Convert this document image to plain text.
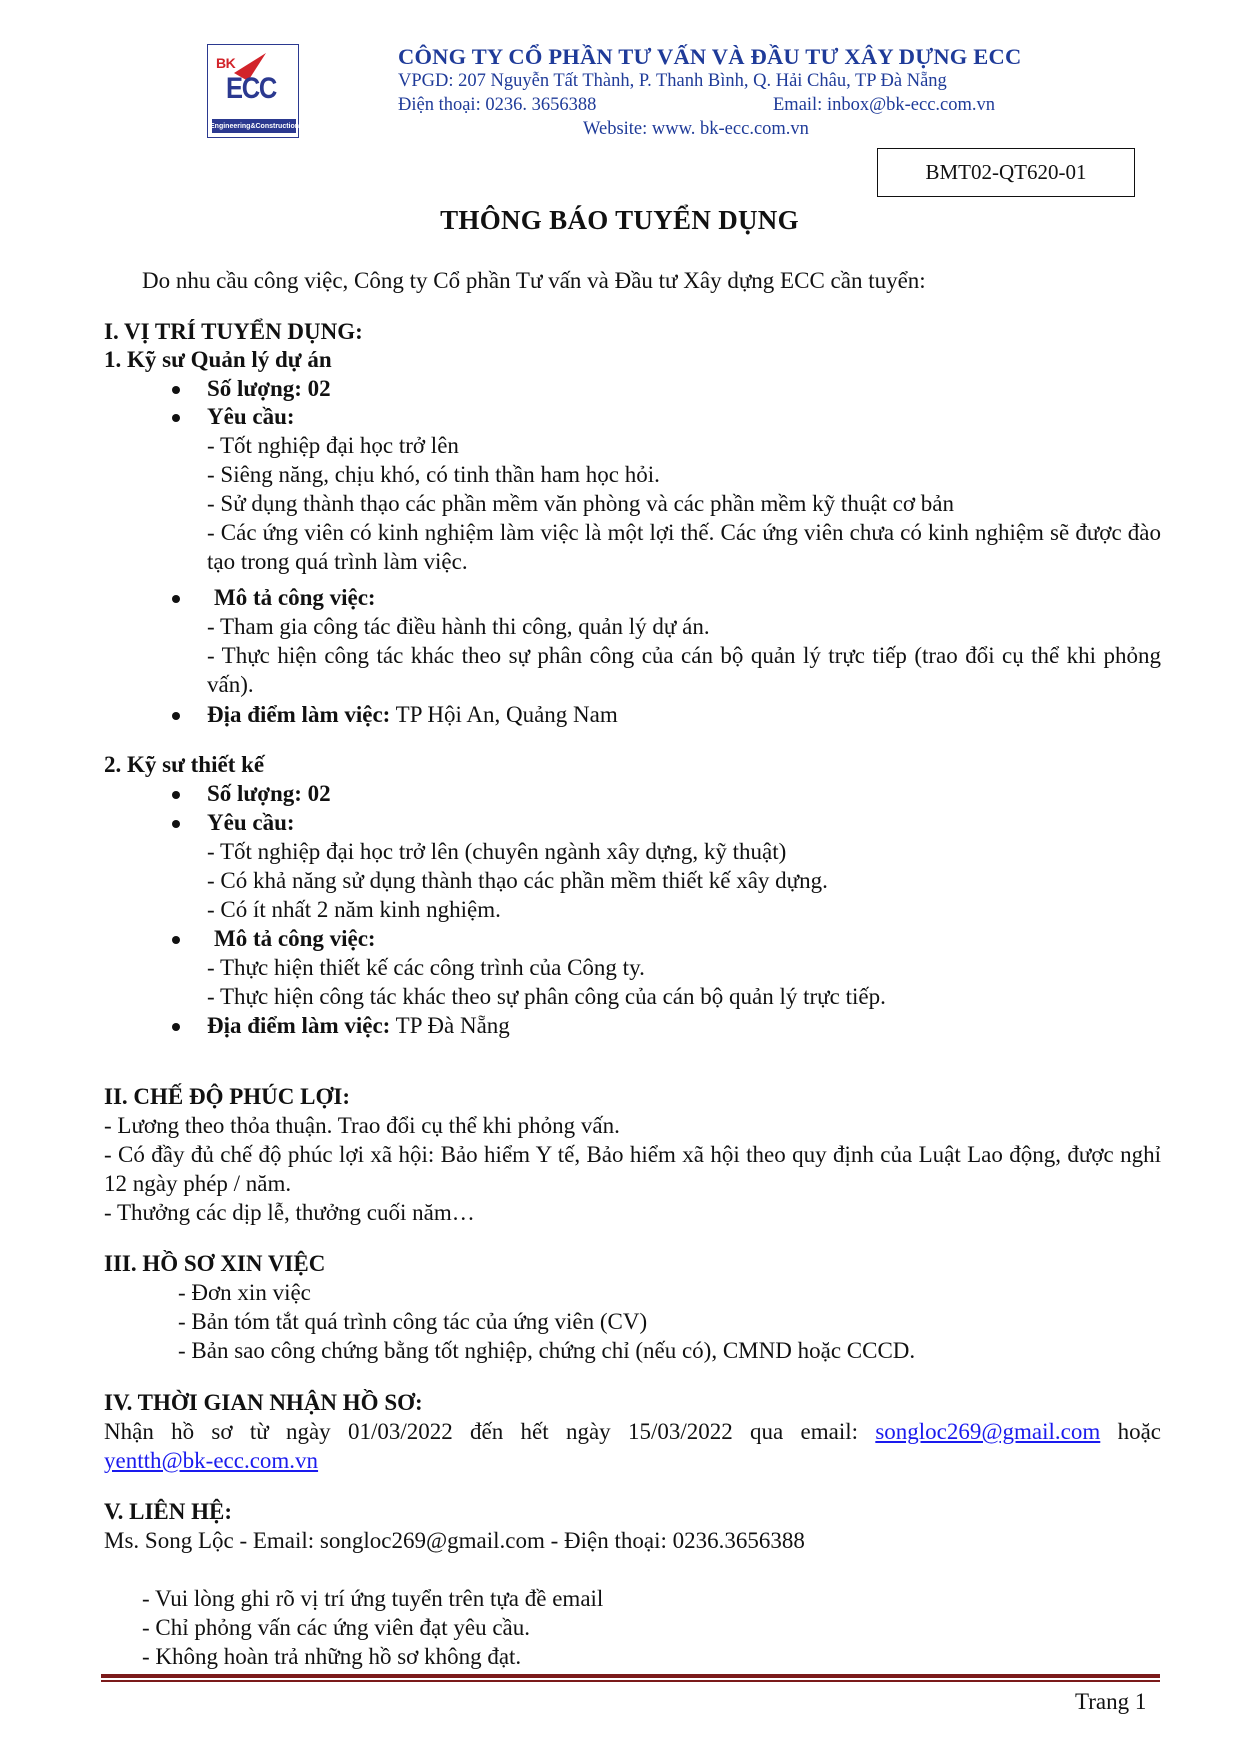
BK
ECC
Engineering&Construction
CÔNG TY CỔ PHẦN TƯ VẤN VÀ ĐẦU TƯ XÂY DỰNG ECC
VPGD: 207 Nguyễn Tất Thành, P. Thanh Bình, Q. Hải Châu, TP Đà Nẵng
Điện thoại: 0236. 3656388	Email: inbox@bk-ecc.com.vn
Website: www. bk-ecc.com.vn
BMT02-QT620-01
THÔNG BÁO TUYỂN DỤNG
Do nhu cầu công việc, Công ty Cổ phần Tư vấn và Đầu tư Xây dựng ECC cần tuyển:
I. VỊ TRÍ TUYỂN DỤNG:
1. Kỹ sư Quản lý dự án
Số lượng: 02
Yêu cầu:
- Tốt nghiệp đại học trở lên
- Siêng năng, chịu khó, có tinh thần ham học hỏi.
- Sử dụng thành thạo các phần mềm văn phòng và các phần mềm kỹ thuật cơ bản
- Các ứng viên có kinh nghiệm làm việc là một lợi thế. Các ứng viên chưa có kinh nghiệm sẽ được đào tạo trong quá trình làm việc.
Mô tả công việc:
- Tham gia công tác điều hành thi công, quản lý dự án.
- Thực hiện công tác khác theo sự phân công của cán bộ quản lý trực tiếp (trao đổi cụ thể khi phỏng vấn).
Địa điểm làm việc: TP Hội An, Quảng Nam
2. Kỹ sư thiết kế
Số lượng: 02
Yêu cầu:
- Tốt nghiệp đại học trở lên (chuyên ngành xây dựng, kỹ thuật)
- Có khả năng sử dụng thành thạo các phần mềm thiết kế xây dựng.
- Có ít nhất 2 năm kinh nghiệm.
Mô tả công việc:
- Thực hiện thiết kế các công trình của Công ty.
- Thực hiện công tác khác theo sự phân công của cán bộ quản lý trực tiếp.
Địa điểm làm việc: TP Đà Nẵng
II. CHẾ ĐỘ PHÚC LỢI:
- Lương theo thỏa thuận. Trao đổi cụ thể khi phỏng vấn.
- Có đầy đủ chế độ phúc lợi xã hội: Bảo hiểm Y tế, Bảo hiểm xã hội theo quy định của Luật Lao động, được nghỉ 12 ngày phép / năm.
- Thưởng các dịp lễ, thưởng cuối năm…
III. HỒ SƠ XIN VIỆC
- Đơn xin việc
- Bản tóm tắt quá trình công tác của ứng viên (CV)
- Bản sao công chứng bằng tốt nghiệp, chứng chỉ (nếu có), CMND hoặc CCCD.
IV. THỜI GIAN NHẬN HỒ SƠ:
Nhận hồ sơ từ ngày 01/03/2022 đến hết ngày 15/03/2022 qua email: songloc269@gmail.com hoặc
yentth@bk-ecc.com.vn
V. LIÊN HỆ:
Ms. Song Lộc - Email: songloc269@gmail.com - Điện thoại: 0236.3656388
- Vui lòng ghi rõ vị trí ứng tuyển trên tựa đề email
- Chỉ phỏng vấn các ứng viên đạt yêu cầu.
- Không hoàn trả những hồ sơ không đạt.
Trang 1
